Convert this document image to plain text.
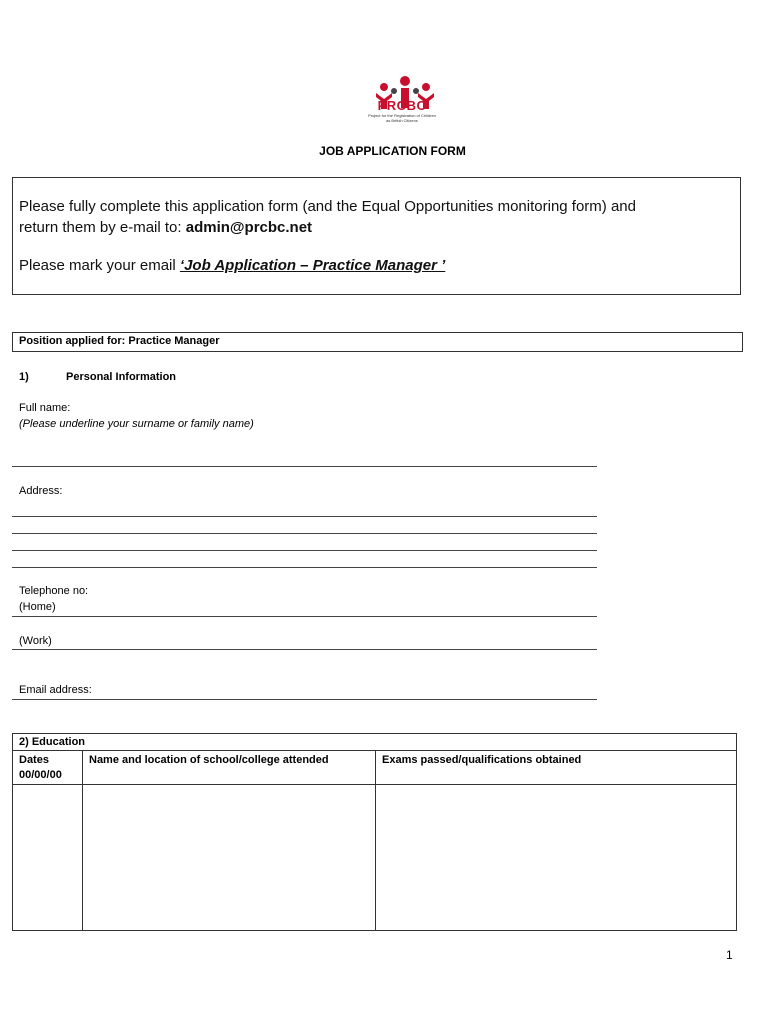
PRCBC
Project for the Registration of Children as British Citizens
JOB APPLICATION FORM
Please fully complete this application form (and the Equal Opportunities monitoring form) and
return them by e-mail to: admin@prcbc.net
Please mark your email ‘Job Application – Practice Manager ’
Position applied for: Practice Manager
1)	Personal Information
Full name:
(Please underline your surname or family name)
Address:
Telephone no:
(Home)
(Work)
Email address:
2) Education
Dates
00/00/00
Name and location of school/college attended	Exams passed/qualifications obtained
1
